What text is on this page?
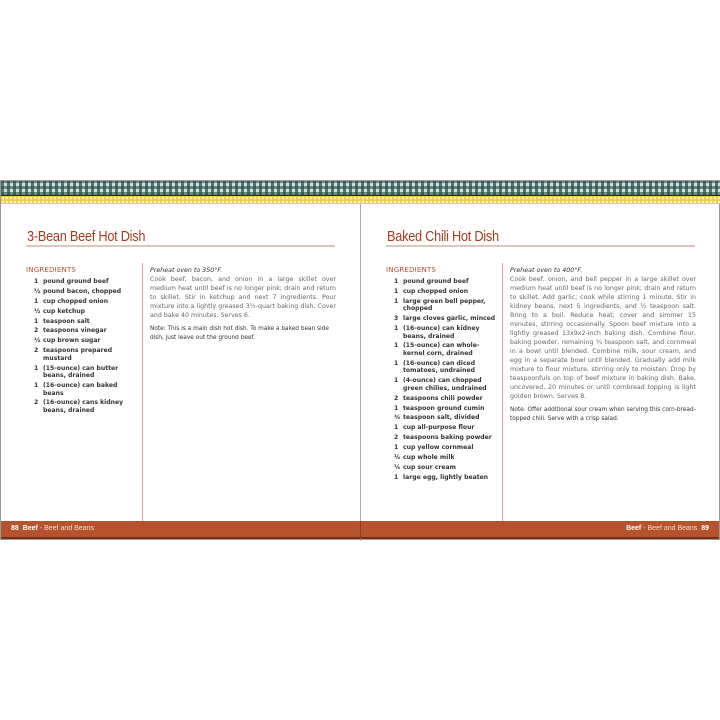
3-Bean Beef Hot Dish
INGREDIENTS
1 pound ground beef
½ pound bacon, chopped
1 cup chopped onion
½ cup ketchup
1 teaspoon salt
2 teaspoons vinegar
½ cup brown sugar
2 teaspoons prepared mustard
1 (15-ounce) can butter beans, drained
1 (16-ounce) can baked beans
2 (16-ounce) cans kidney beans, drained
Preheat oven to 350°F.
Cook beef, bacon, and onion in a large skillet over medium heat until beef is no longer pink; drain and return to skillet. Stir in ketchup and next 7 ingredients. Pour mixture into a lightly greased 3½-quart baking dish. Cover and bake 40 minutes. Serves 6.
Note: This is a main dish hot dish. To make a baked bean side dish, just leave out the ground beef.
Baked Chili Hot Dish
INGREDIENTS
1 pound ground beef
1 cup chopped onion
1 large green bell pepper, chopped
3 large cloves garlic, minced
1 (16-ounce) can kidney beans, drained
1 (15-ounce) can whole-kernel corn, drained
1 (16-ounce) can diced tomatoes, undrained
1 (4-ounce) can chopped green chilies, undrained
2 teaspoons chili powder
1 teaspoon ground cumin
¾ teaspoon salt, divided
1 cup all-purpose flour
2 teaspoons baking powder
1 cup yellow cornmeal
¼ cup whole milk
¼ cup sour cream
1 large egg, lightly beaten
Preheat oven to 400°F.
Cook beef, onion, and bell pepper in a large skillet over medium heat until beef is no longer pink; drain and return to skillet. Add garlic; cook while stirring 1 minute. Stir in kidney beans, next 5 ingredients, and ½ teaspoon salt. Bring to a boil. Reduce heat; cover and simmer 15 minutes, stirring occasionally. Spoon beef mixture into a lightly greased 13x9x2-inch baking dish. Combine flour, baking powder, remaining ¼ teaspoon salt, and cornmeal in a bowl until blended. Combine milk, sour cream, and egg in a separate bowl until blended. Gradually add milk mixture to flour mixture, stirring only to moisten. Drop by teaspoonfuls on top of beef mixture in baking dish. Bake, uncovered, 20 minutes or until cornbread topping is light golden brown. Serves 8.
Note: Offer additional sour cream when serving this corn-bread-topped chili. Serve with a crisp salad.
88 Beef - Beef and Beans	Beef - Beef and Beans 89
